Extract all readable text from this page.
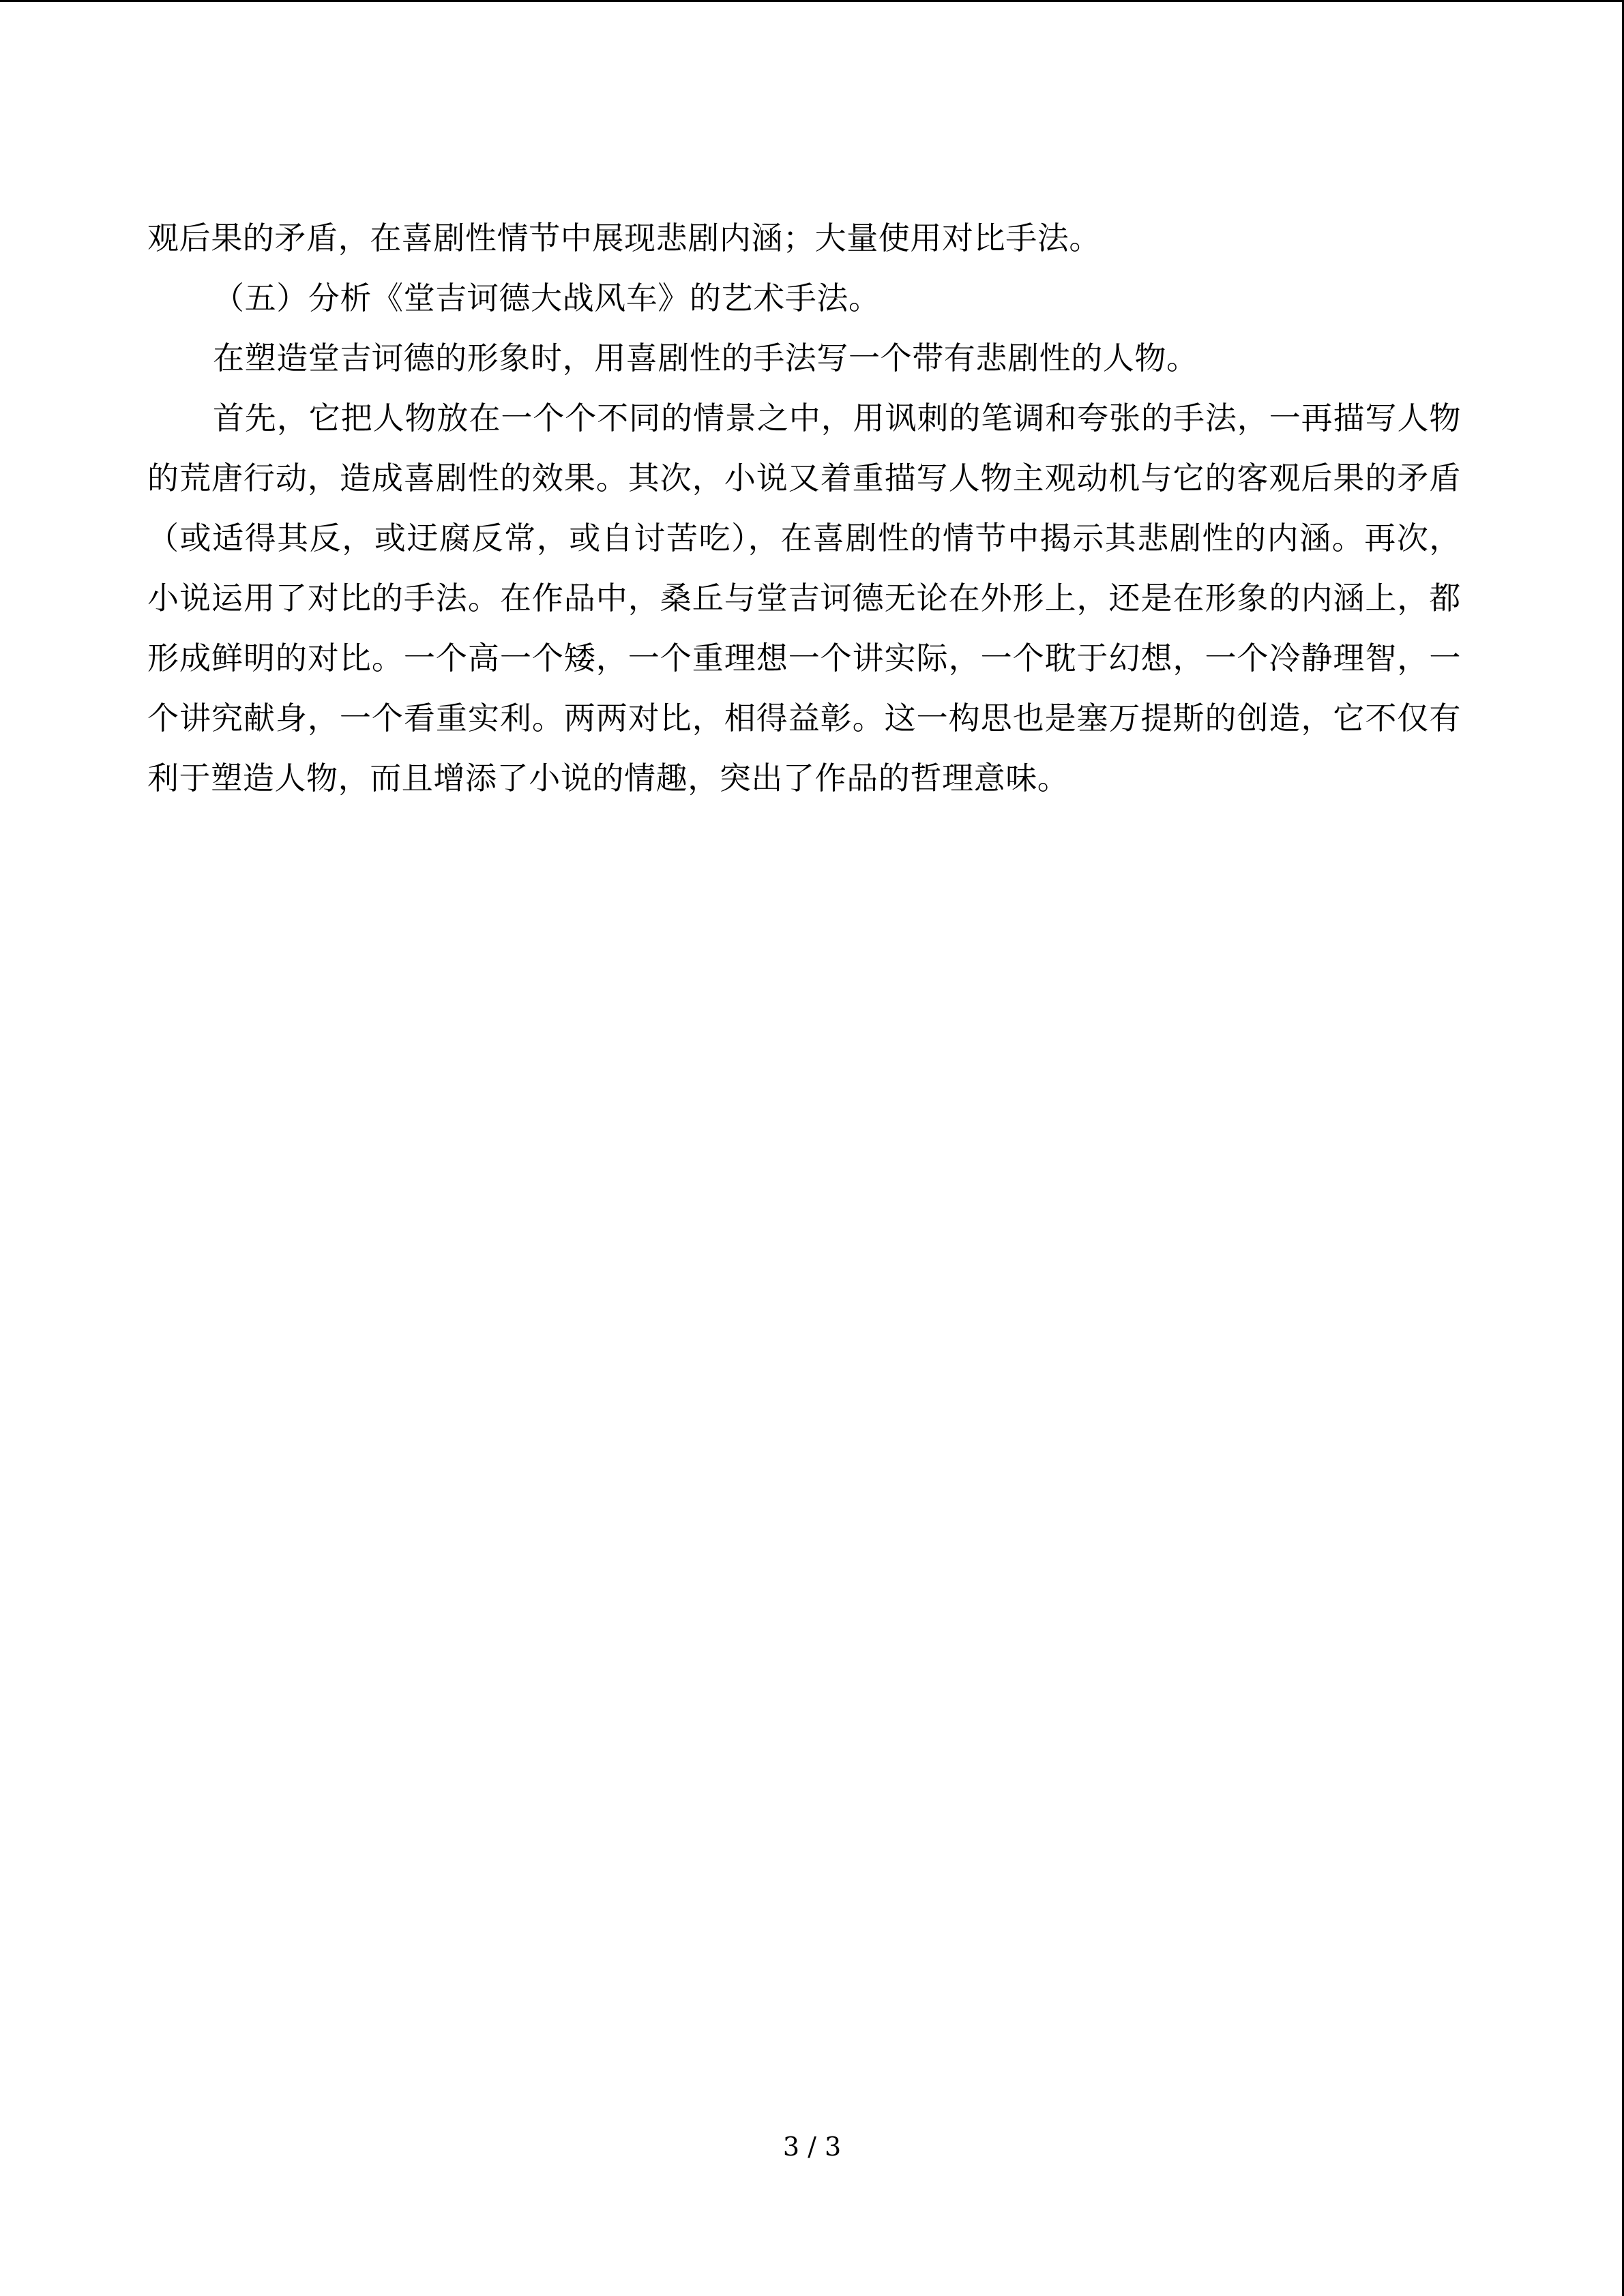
观后果的矛盾，在喜剧性情节中展现悲剧内涵；大量使用对比手法。

（五）分析《堂吉诃德大战风车》的艺术手法。

在塑造堂吉诃德的形象时，用喜剧性的手法写一个带有悲剧性的人物。

首先，它把人物放在一个个不同的情景之中，用讽刺的笔调和夸张的手法，一再描写人物的荒唐行动，造成喜剧性的效果。其次，小说又着重描写人物主观动机与它的客观后果的矛盾（或适得其反，或迂腐反常，或自讨苦吃），在喜剧性的情节中揭示其悲剧性的内涵。再次，小说运用了对比的手法。在作品中，桑丘与堂吉诃德无论在外形上，还是在形象的内涵上，都形成鲜明的对比。一个高一个矮，一个重理想一个讲实际，一个耽于幻想，一个冷静理智，一个讲究献身，一个看重实利。两两对比，相得益彰。这一构思也是塞万提斯的创造，它不仅有利于塑造人物，而且增添了小说的情趣，突出了作品的哲理意味。

3 / 3
